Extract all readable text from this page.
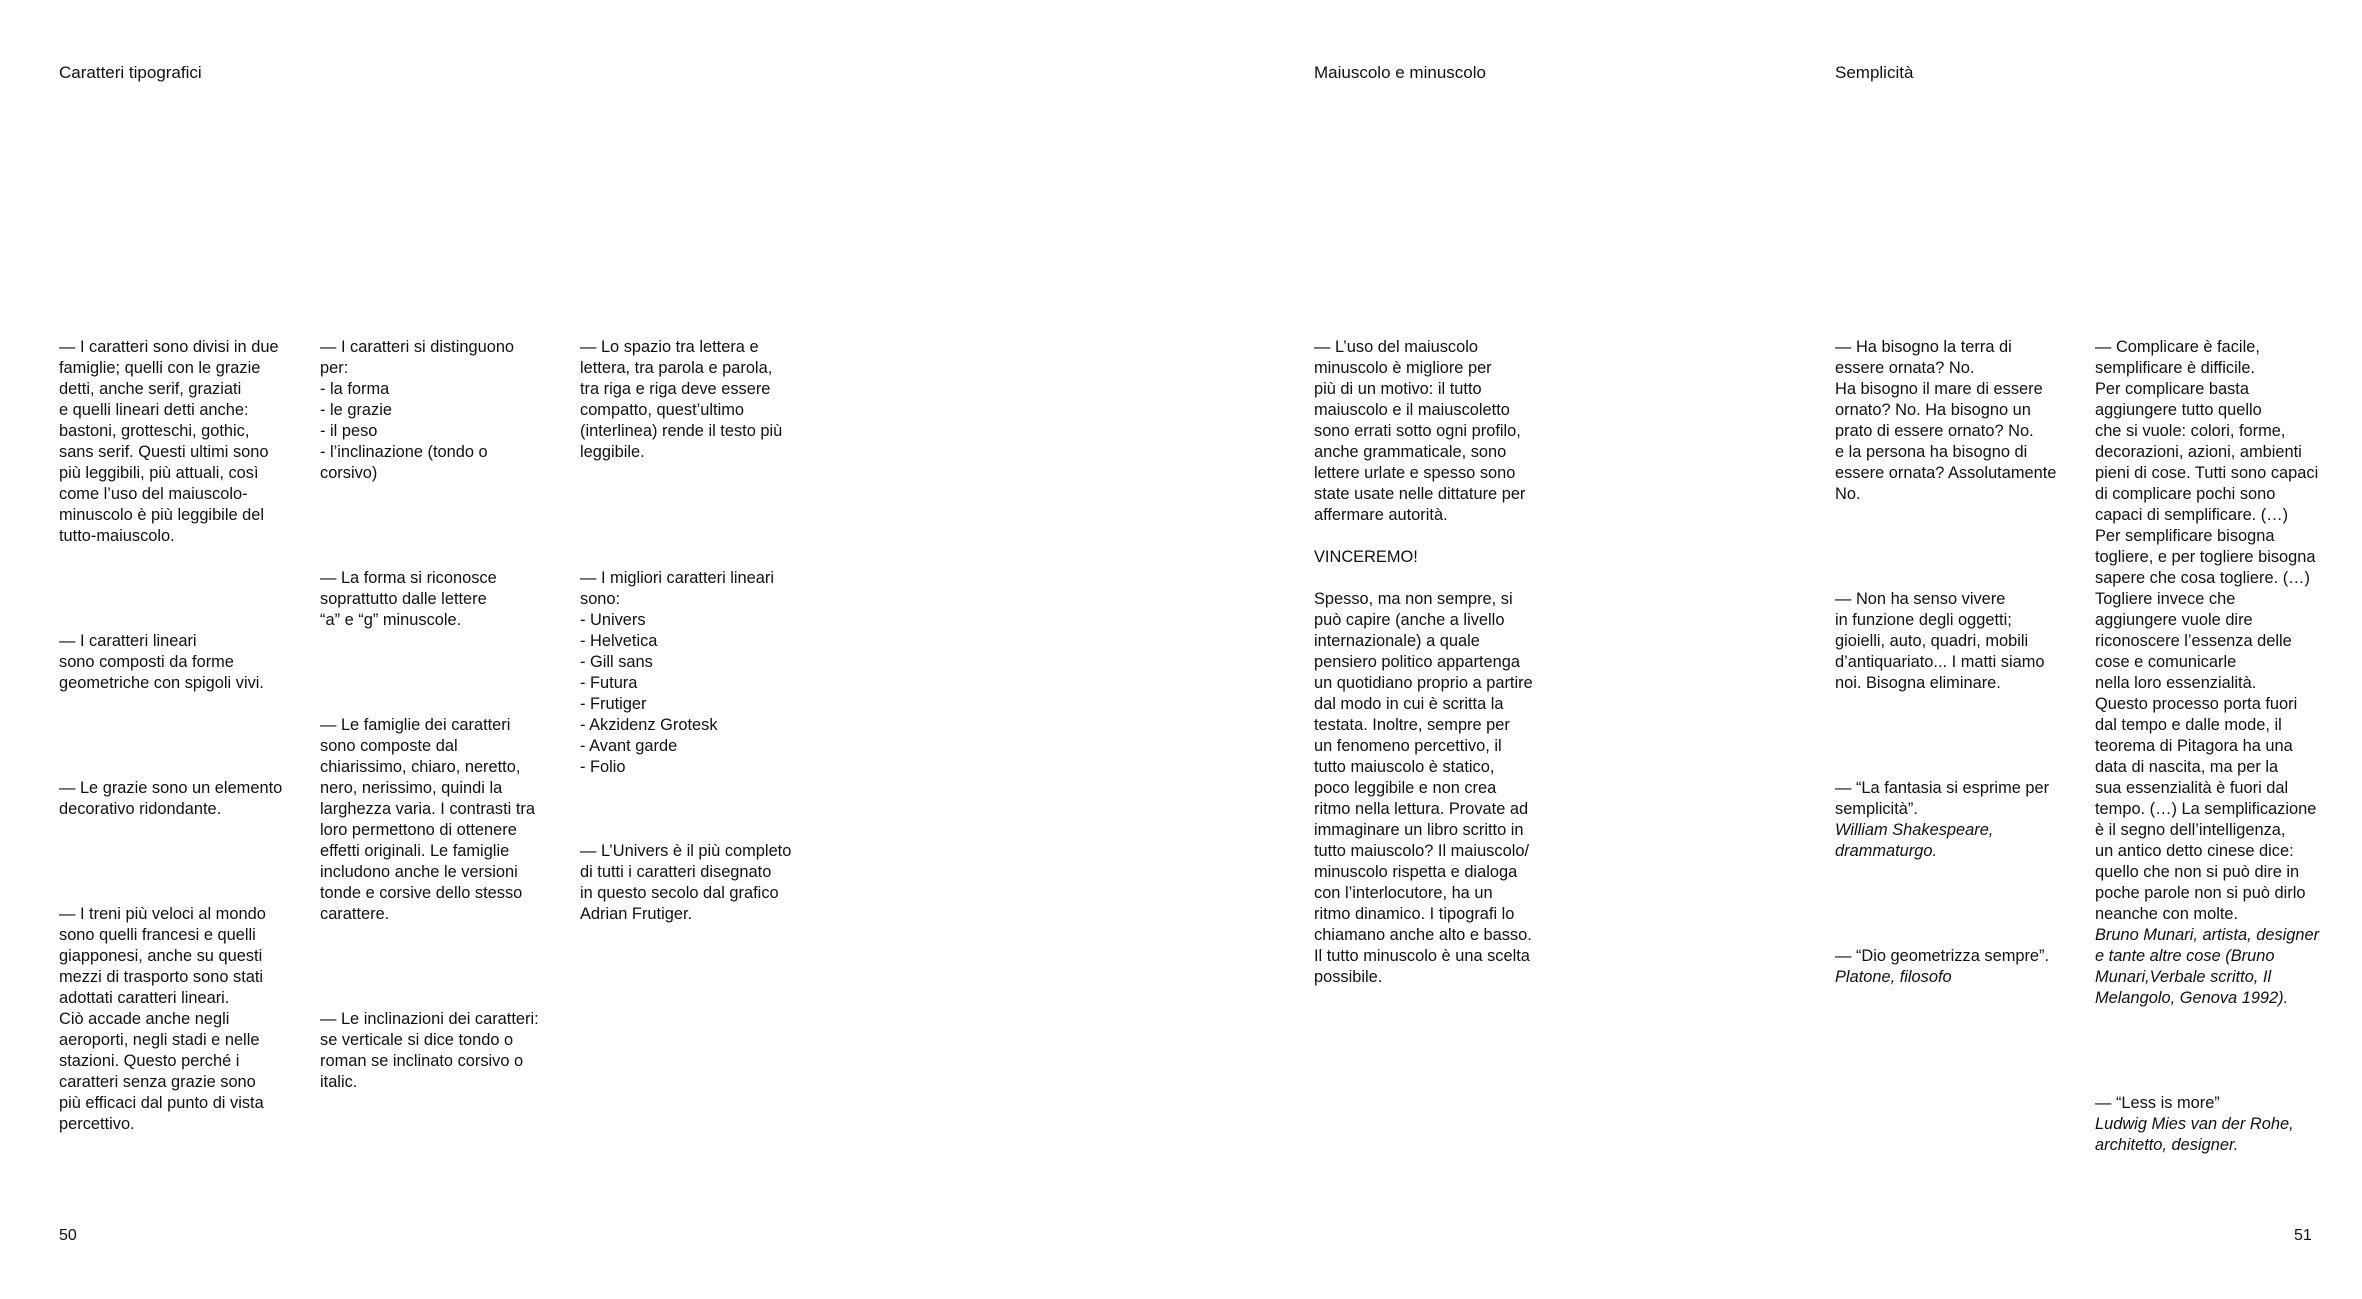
Caratteri tipografici	Maiuscolo e minuscolo	Semplicità
— I caratteri sono divisi in due
famiglie; quelli con le grazie
detti, anche serif, graziati
e quelli lineari detti anche:
bastoni, grotteschi, gothic,
sans serif. Questi ultimi sono
più leggibili, più attuali, così
come l’uso del maiuscolo-
minuscolo è più leggibile del
tutto-maiuscolo.
— I caratteri lineari
sono composti da forme
geometriche con spigoli vivi.
— Le grazie sono un elemento
decorativo ridondante.
— I treni più veloci al mondo
sono quelli francesi e quelli
giapponesi, anche su questi
mezzi di trasporto sono stati
adottati caratteri lineari.
Ciò accade anche negli
aeroporti, negli stadi e nelle
stazioni. Questo perché i
caratteri senza grazie sono
più efficaci dal punto di vista
percettivo.
— I caratteri si distinguono
per:
- la forma
- le grazie
- il peso
- l’inclinazione (tondo o
corsivo)
— La forma si riconosce
soprattutto dalle lettere
“a” e “g” minuscole.
— Le famiglie dei caratteri
sono composte dal
chiarissimo, chiaro, neretto,
nero, nerissimo, quindi la
larghezza varia. I contrasti tra
loro permettono di ottenere
effetti originali. Le famiglie
includono anche le versioni
tonde e corsive dello stesso
carattere.
— Le inclinazioni dei caratteri:
se verticale si dice tondo o
roman se inclinato corsivo o
italic.
— Lo spazio tra lettera e
lettera, tra parola e parola,
tra riga e riga deve essere
compatto, quest’ultimo
(interlinea) rende il testo più
leggibile.
— I migliori caratteri lineari
sono:
- Univers
- Helvetica
- Gill sans
- Futura
- Frutiger
- Akzidenz Grotesk
- Avant garde
- Folio
— L’Univers è il più completo
di tutti i caratteri disegnato
in questo secolo dal grafico
Adrian Frutiger.
— L’uso del maiuscolo
minuscolo è migliore per
più di un motivo: il tutto
maiuscolo e il maiuscoletto
sono errati sotto ogni profilo,
anche grammaticale, sono
lettere urlate e spesso sono
state usate nelle dittature per
affermare autorità.
VINCEREMO!
Spesso, ma non sempre, si
può capire (anche a livello
internazionale) a quale
pensiero politico appartenga
un quotidiano proprio a partire
dal modo in cui è scritta la
testata. Inoltre, sempre per
un fenomeno percettivo, il
tutto maiuscolo è statico,
poco leggibile e non crea
ritmo nella lettura. Provate ad
immaginare un libro scritto in
tutto maiuscolo? Il maiuscolo/
minuscolo rispetta e dialoga
con l’interlocutore, ha un
ritmo dinamico. I tipografi lo
chiamano anche alto e basso.
Il tutto minuscolo è una scelta
possibile.
— Ha bisogno la terra di
essere ornata? No.
Ha bisogno il mare di essere
ornato? No. Ha bisogno un
prato di essere ornato? No.
e la persona ha bisogno di
essere ornata? Assolutamente
No.
— Non ha senso vivere
in funzione degli oggetti;
gioielli, auto, quadri, mobili
d’antiquariato... I matti siamo
noi. Bisogna eliminare.
— “La fantasia si esprime per
semplicità”.
William Shakespeare,
drammaturgo.
— “Dio geometrizza sempre”.
Platone, filosofo
— Complicare è facile,
semplificare è difficile.
Per complicare basta
aggiungere tutto quello
che si vuole: colori, forme,
decorazioni, azioni, ambienti
pieni di cose. Tutti sono capaci
di complicare pochi sono
capaci di semplificare. (…)
Per semplificare bisogna
togliere, e per togliere bisogna
sapere che cosa togliere. (…)
Togliere invece che
aggiungere vuole dire
riconoscere l’essenza delle
cose e comunicarle
nella loro essenzialità.
Questo processo porta fuori
dal tempo e dalle mode, il
teorema di Pitagora ha una
data di nascita, ma per la
sua essenzialità è fuori dal
tempo. (…) La semplificazione
è il segno dell’intelligenza,
un antico detto cinese dice:
quello che non si può dire in
poche parole non si può dirlo
neanche con molte.
Bruno Munari, artista, designer
e tante altre cose (Bruno
Munari,Verbale scritto, Il
Melangolo, Genova 1992).
— “Less is more”
Ludwig Mies van der Rohe,
architetto, designer.
50	51
